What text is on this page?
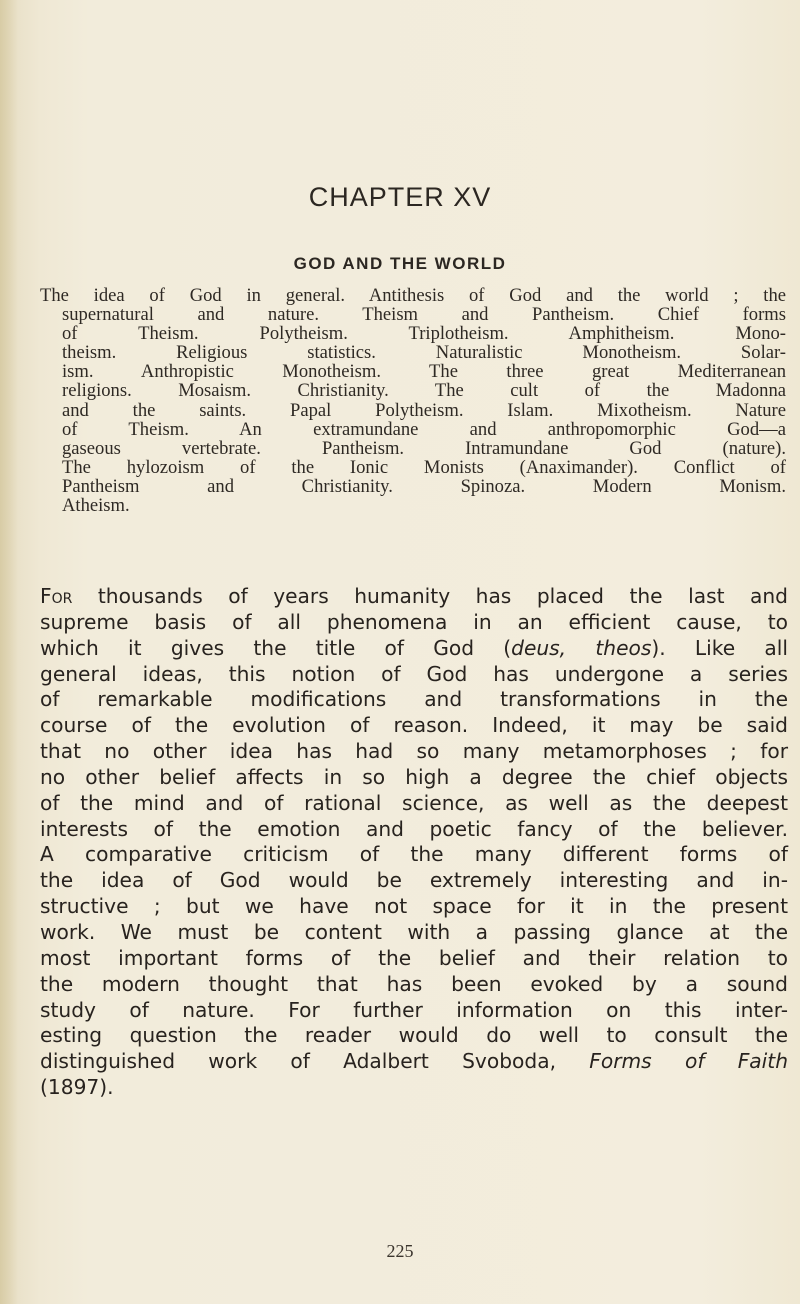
CHAPTER XV
GOD AND THE WORLD
The idea of God in general. Antithesis of God and the world ; the
supernatural and nature. Theism and Pantheism. Chief forms
of Theism. Polytheism. Triplotheism. Amphitheism. Mono-
theism. Religious statistics. Naturalistic Monotheism. Solar-
ism. Anthropistic Monotheism. The three great Mediterranean
religions. Mosaism. Christianity. The cult of the Madonna
and the saints. Papal Polytheism. Islam. Mixotheism. Nature
of Theism. An extramundane and anthropomorphic God—a
gaseous vertebrate. Pantheism. Intramundane God (nature).
The hylozoism of the Ionic Monists (Anaximander). Conflict of
Pantheism and Christianity. Spinoza. Modern Monism.
Atheism.
For thousands of years humanity has placed the last and
supreme basis of all phenomena in an efficient cause, to
which it gives the title of God (deus, theos). Like all
general ideas, this notion of God has undergone a series
of remarkable modifications and transformations in the
course of the evolution of reason. Indeed, it may be said
that no other idea has had so many metamorphoses ; for
no other belief affects in so high a degree the chief objects
of the mind and of rational science, as well as the deepest
interests of the emotion and poetic fancy of the believer.
A comparative criticism of the many different forms of
the idea of God would be extremely interesting and in-
structive ; but we have not space for it in the present
work. We must be content with a passing glance at the
most important forms of the belief and their relation to
the modern thought that has been evoked by a sound
study of nature. For further information on this inter-
esting question the reader would do well to consult the
distinguished work of Adalbert Svoboda, Forms of Faith
(1897).
225
